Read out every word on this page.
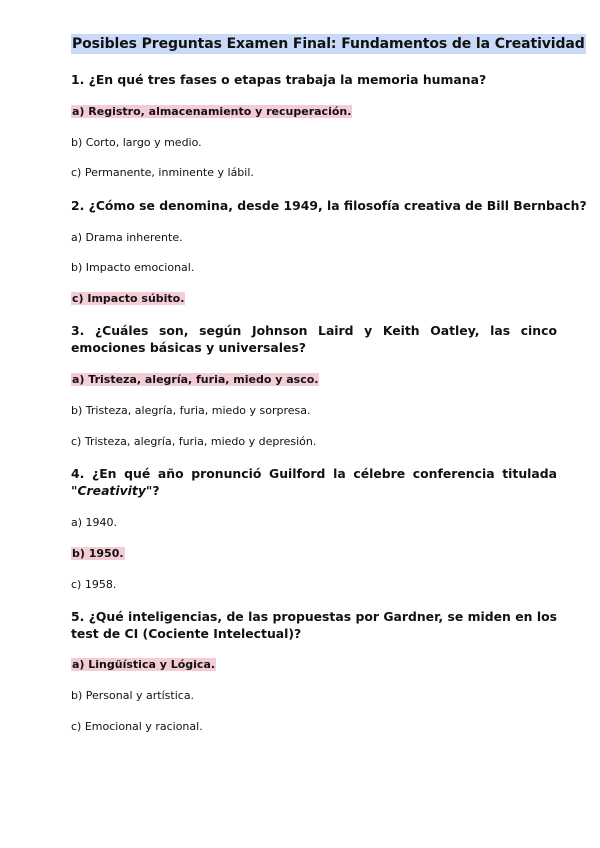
Posibles Preguntas Examen Final: Fundamentos de la Creatividad

1. ¿En qué tres fases o etapas trabaja la memoria humana?

a) Registro, almacenamiento y recuperación.

b) Corto, largo y medio.

c) Permanente, inminente y lábil.

2. ¿Cómo se denomina, desde 1949, la filosofía creativa de Bill Bernbach?

a) Drama inherente.

b) Impacto emocional.

c) Impacto súbito.

3. ¿Cuáles son, según Johnson Laird y Keith Oatley, las cinco emociones básicas y universales?

a) Tristeza, alegría, furia, miedo y asco.

b) Tristeza, alegría, furia, miedo y sorpresa.

c) Tristeza, alegría, furia, miedo y depresión.

4. ¿En qué año pronunció Guilford la célebre conferencia titulada "Creativity"?

a) 1940.

b) 1950.

c) 1958.

5. ¿Qué inteligencias, de las propuestas por Gardner, se miden en los test de CI (Cociente Intelectual)?

a) Lingüística y Lógica.

b) Personal y artística.

c) Emocional y racional.
